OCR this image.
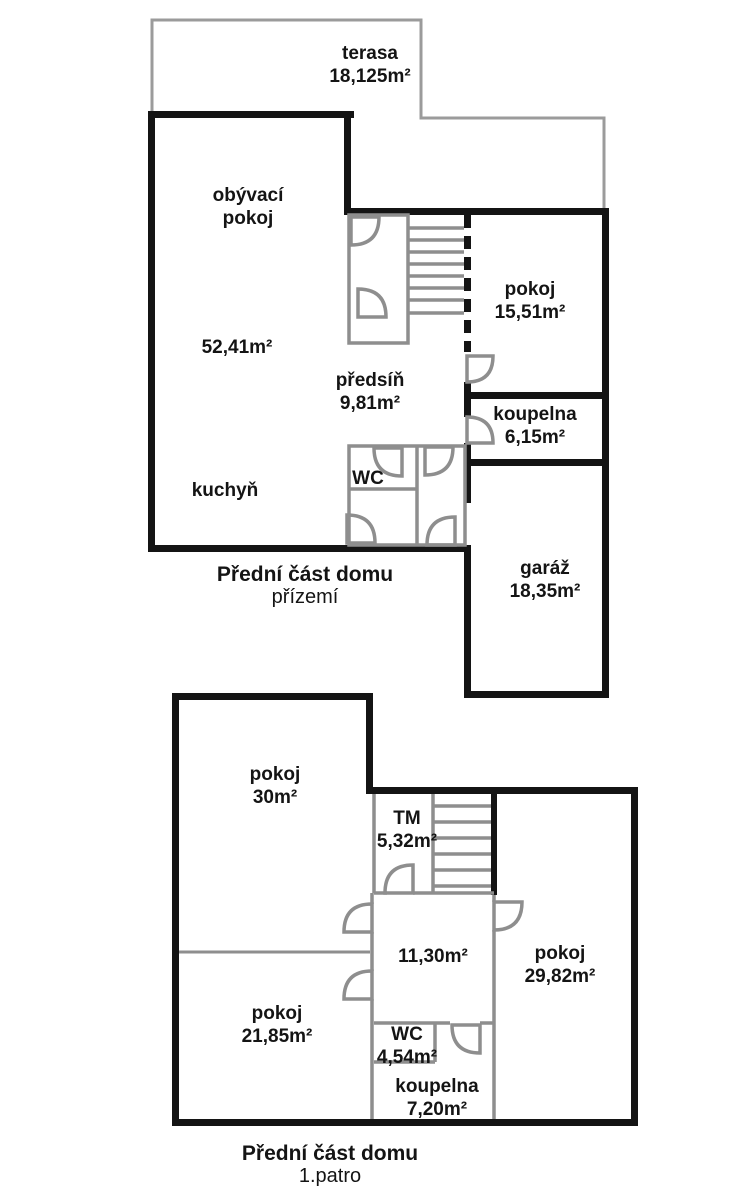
terasa
18,125m²
obývací pokoj
52,41m²
kuchyň
předsíň
9,81m²
WC
pokoj
15,51m²
koupelna
6,15m²
garáž
18,35m²
Přední část domu
přízemí
pokoj
30m²
TM
5,32m²
11,30m²	pokoj
29,82m²
pokoj
21,85m²	WC
4,54m²
koupelna
7,20m²
Přední část domu
1.patro
